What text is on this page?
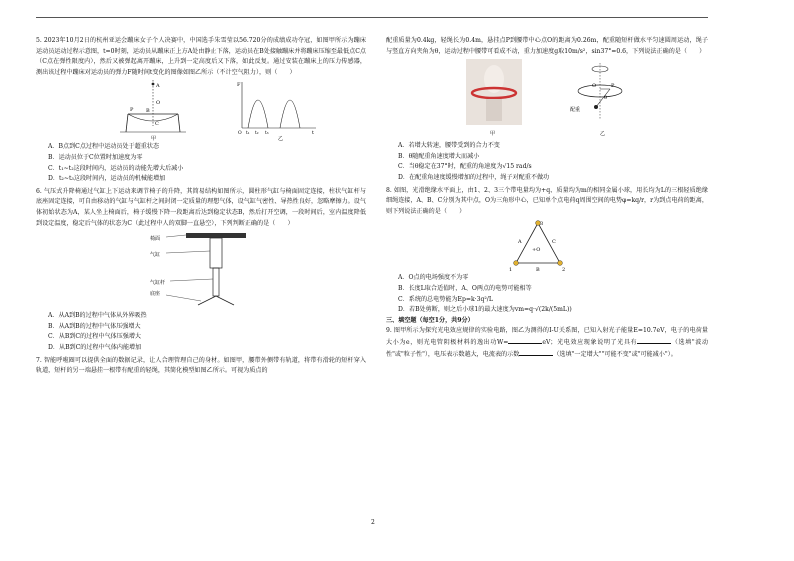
5. 2023年10月2日的杭州亚运会蹦床女子个人决赛中，中国选手朱雪莹以56.720分的成绩成功夺冠，如图甲所示为蹦床运动员运动过程示意图，t=0时刻，运动员从蹦床正上方A处由静止下落，运动员在B处接触蹦床并将蹦床压缩至最低点C点（C点在弹性限度内），然后又被弹起离开蹦床，上升到一定高度后又下落，如此反复。通过安装在蹦床上的压力传感器，测出该过程中蹦床对运动员的弹力F随时间t变化的图像如图乙所示（不计空气阻力），则（　　）

A
B
P
O
C
甲
F
t
O t₁ t₂ t₃
乙

A．B点到C点过程中运动员处于超重状态

B．运动员位于C位置时加速度为零

C．t₁~t₂这段时间内，运动员的动能先增大后减小

D．t₂~t₃这段时间内，运动员的机械能增加

6. 气压式升降椅通过气缸上下运动来调节椅子的升降，其简易结构如图所示，圆柱形气缸与椅面固定连接，柱状气缸杆与底座固定连接，可自由移动的气缸与气缸杆之间封闭一定质量的理想气体，设气缸气密性、导热性良好，忽略摩擦力。设气体初始状态为A，某人坐上椅面后，椅子缓慢下降一段距离后达到稳定状态B，然后打开空调，一段时间后，室内温度降低到设定温度，稳定后气体的状态为C（此过程中人的双脚一直悬空），下列判断正确的是（　　）

椅面
气缸
气缸杆
底座

A．从A到B的过程中气体从外界吸热

B．从A到B的过程中气体压强增大

C．从B到C的过程中气体压强增大

D．从B到C的过程中气体内能增加

7. 智能呼啦圈可以提供全面的数据记录，让人合理管理自己的身材。如图甲，腰带外侧带有轨道，将带有滑轮的短杆穿入轨道，短杆的另一端悬挂一根带有配重的轻绳，其简化模型如图乙所示。可视为质点的

配重质量为0.4kg，轻绳长为0.4m，悬挂点P到腰带中心点O的距离为0.26m，配重随短杆做水平匀速圆周运动，绳子与竖直方向夹角为θ，运动过程中腰带可看成不动，重力加速度g取10m/s²，sin37°=0.6，下列说法正确的是（　　）

甲
O	P
θ
配重
乙

A．若增大转速，腰带受到的合力不变

B．θ随配重角速度增大而减小

C．当θ稳定在37°时，配重的角速度为√15 rad/s

D．在配重角速度缓慢增加的过程中，绳子对配重不做功

8. 如图，光滑绝缘水平面上，由1、2、3三个带电量均为+q、质量均为m的相同金属小球，用长均为L的三根轻质绝缘细绳连接，A、B、C分别为其中点，O为三角形中心，已知单个点电荷q周围空间的电势φ=kq/r，r为到点电荷的距离，则下列说法正确的是（　　）

3
1	2
A	C
B
+O

A．O点的电场强度不为零

B．长度L取合适值时，A、O两点的电势可能相等

C．系统的总电势能为Ep=k·3q²/L

D．若B处剪断，则之后小球1的最大速度为vm=q·√(2k/(5mL))

三、填空题（每空1分，共9分）

9. 图甲所示为探究光电效应规律的实验电路，图乙为测得的I-U关系图，已知入射光子能量E=10.7eV，电子的电荷量大小为e，则光电管阴极材料的逸出功W=	eV；光电效应现象说明了光具有	（选填"波动性"或"粒子性"），电压表示数越大，电流表的示数	（选填"一定增大""可能不变"或"可能减小"）。

2
